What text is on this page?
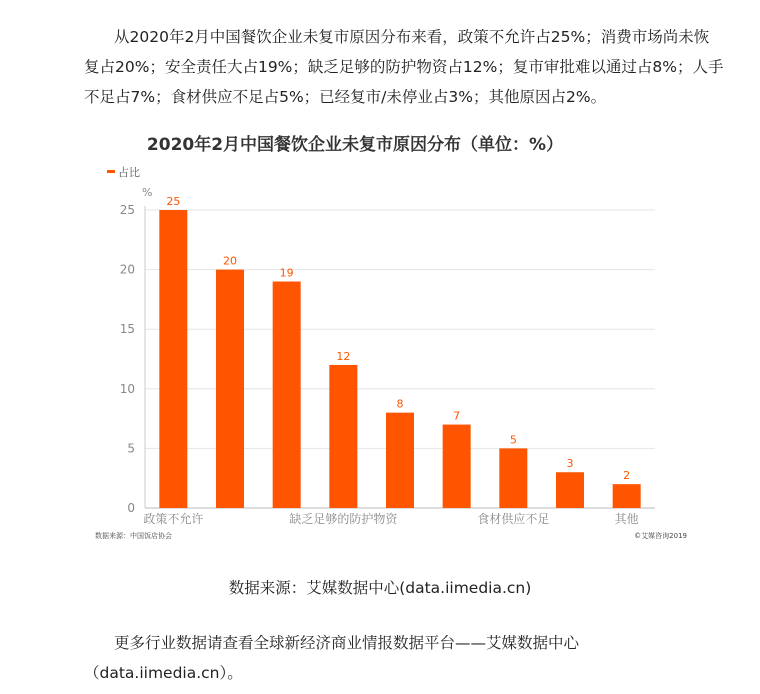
从2020年2月中国餐饮企业未复市原因分布来看，政策不允许占25%；消费市场尚未恢复占20%；安全责任大占19%；缺乏足够的防护物资占12%；复市审批难以通过占8%；人手不足占7%；食材供应不足占5%；已经复市/未停业占3%；其他原因占2%。
2020年2月中国餐饮企业未复市原因分布（单位：%）
占比
%
0
5
10
15
20
25
25
政策不允许
20
19
12
缺乏足够的防护物资
8
7
5
食材供应不足
3
2
其他
数据来源：中国饭店协会	©艾媒咨询2019
数据来源：艾媒数据中心(data.iimedia.cn)
更多行业数据请查看全球新经济商业情报数据平台——艾媒数据中心（data.iimedia.cn）。
